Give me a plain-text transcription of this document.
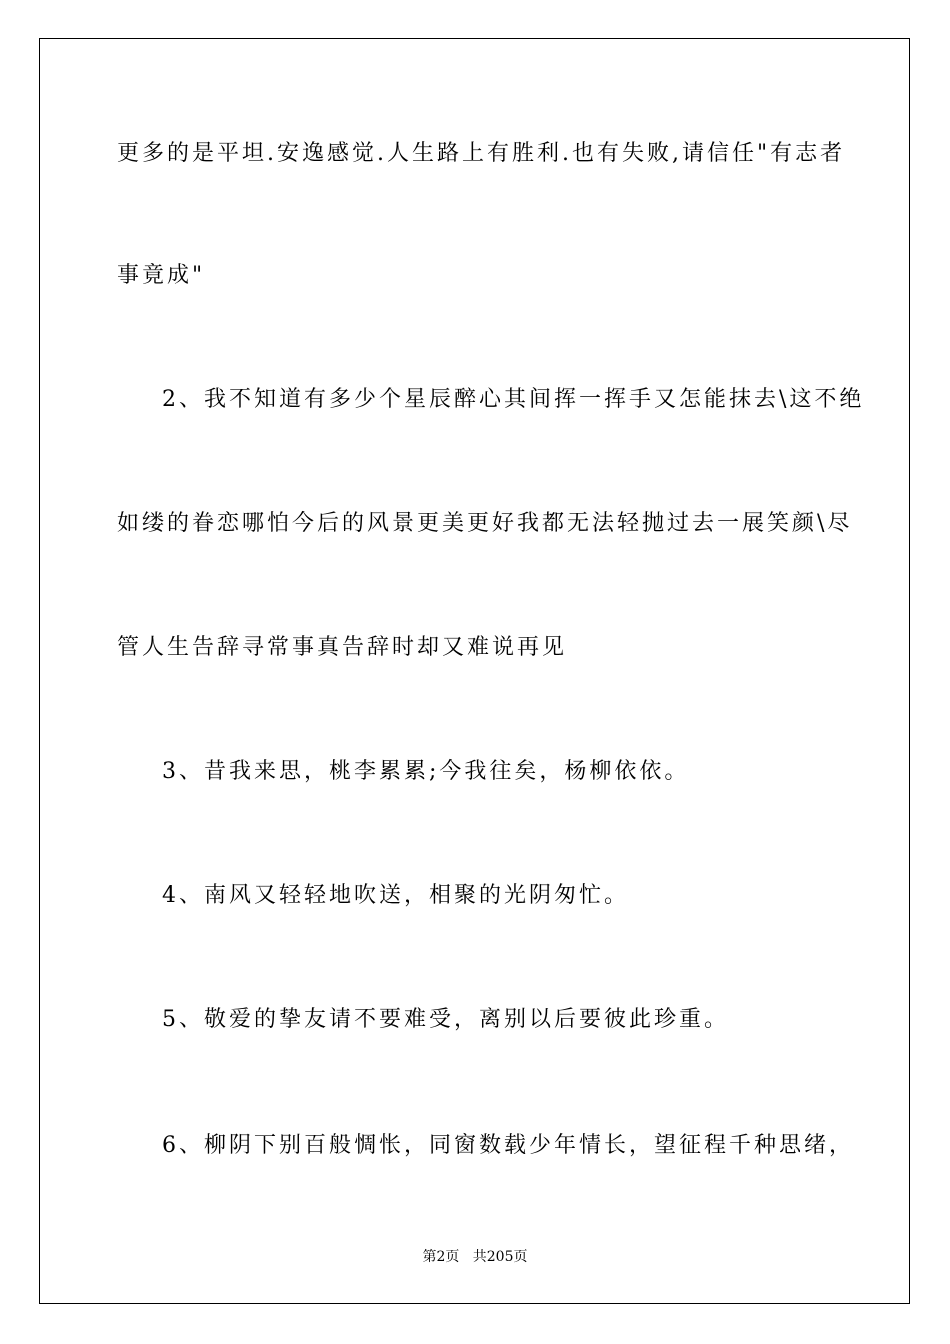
更多的是平坦.安逸感觉.人生路上有胜利.也有失败,请信任"有志者
事竟成"
2、我不知道有多少个星辰醉心其间挥一挥手又怎能抹去\这不绝
如缕的眷恋哪怕今后的风景更美更好我都无法轻抛过去一展笑颜\尽
管人生告辞寻常事真告辞时却又难说再见
3、昔我来思，桃李累累;今我往矣，杨柳依依。
4、南风又轻轻地吹送，相聚的光阴匆忙。
5、敬爱的挚友请不要难受，离别以后要彼此珍重。
6、柳阴下别百般惆怅，同窗数载少年情长，望征程千种思绪，
第2页   共205页
